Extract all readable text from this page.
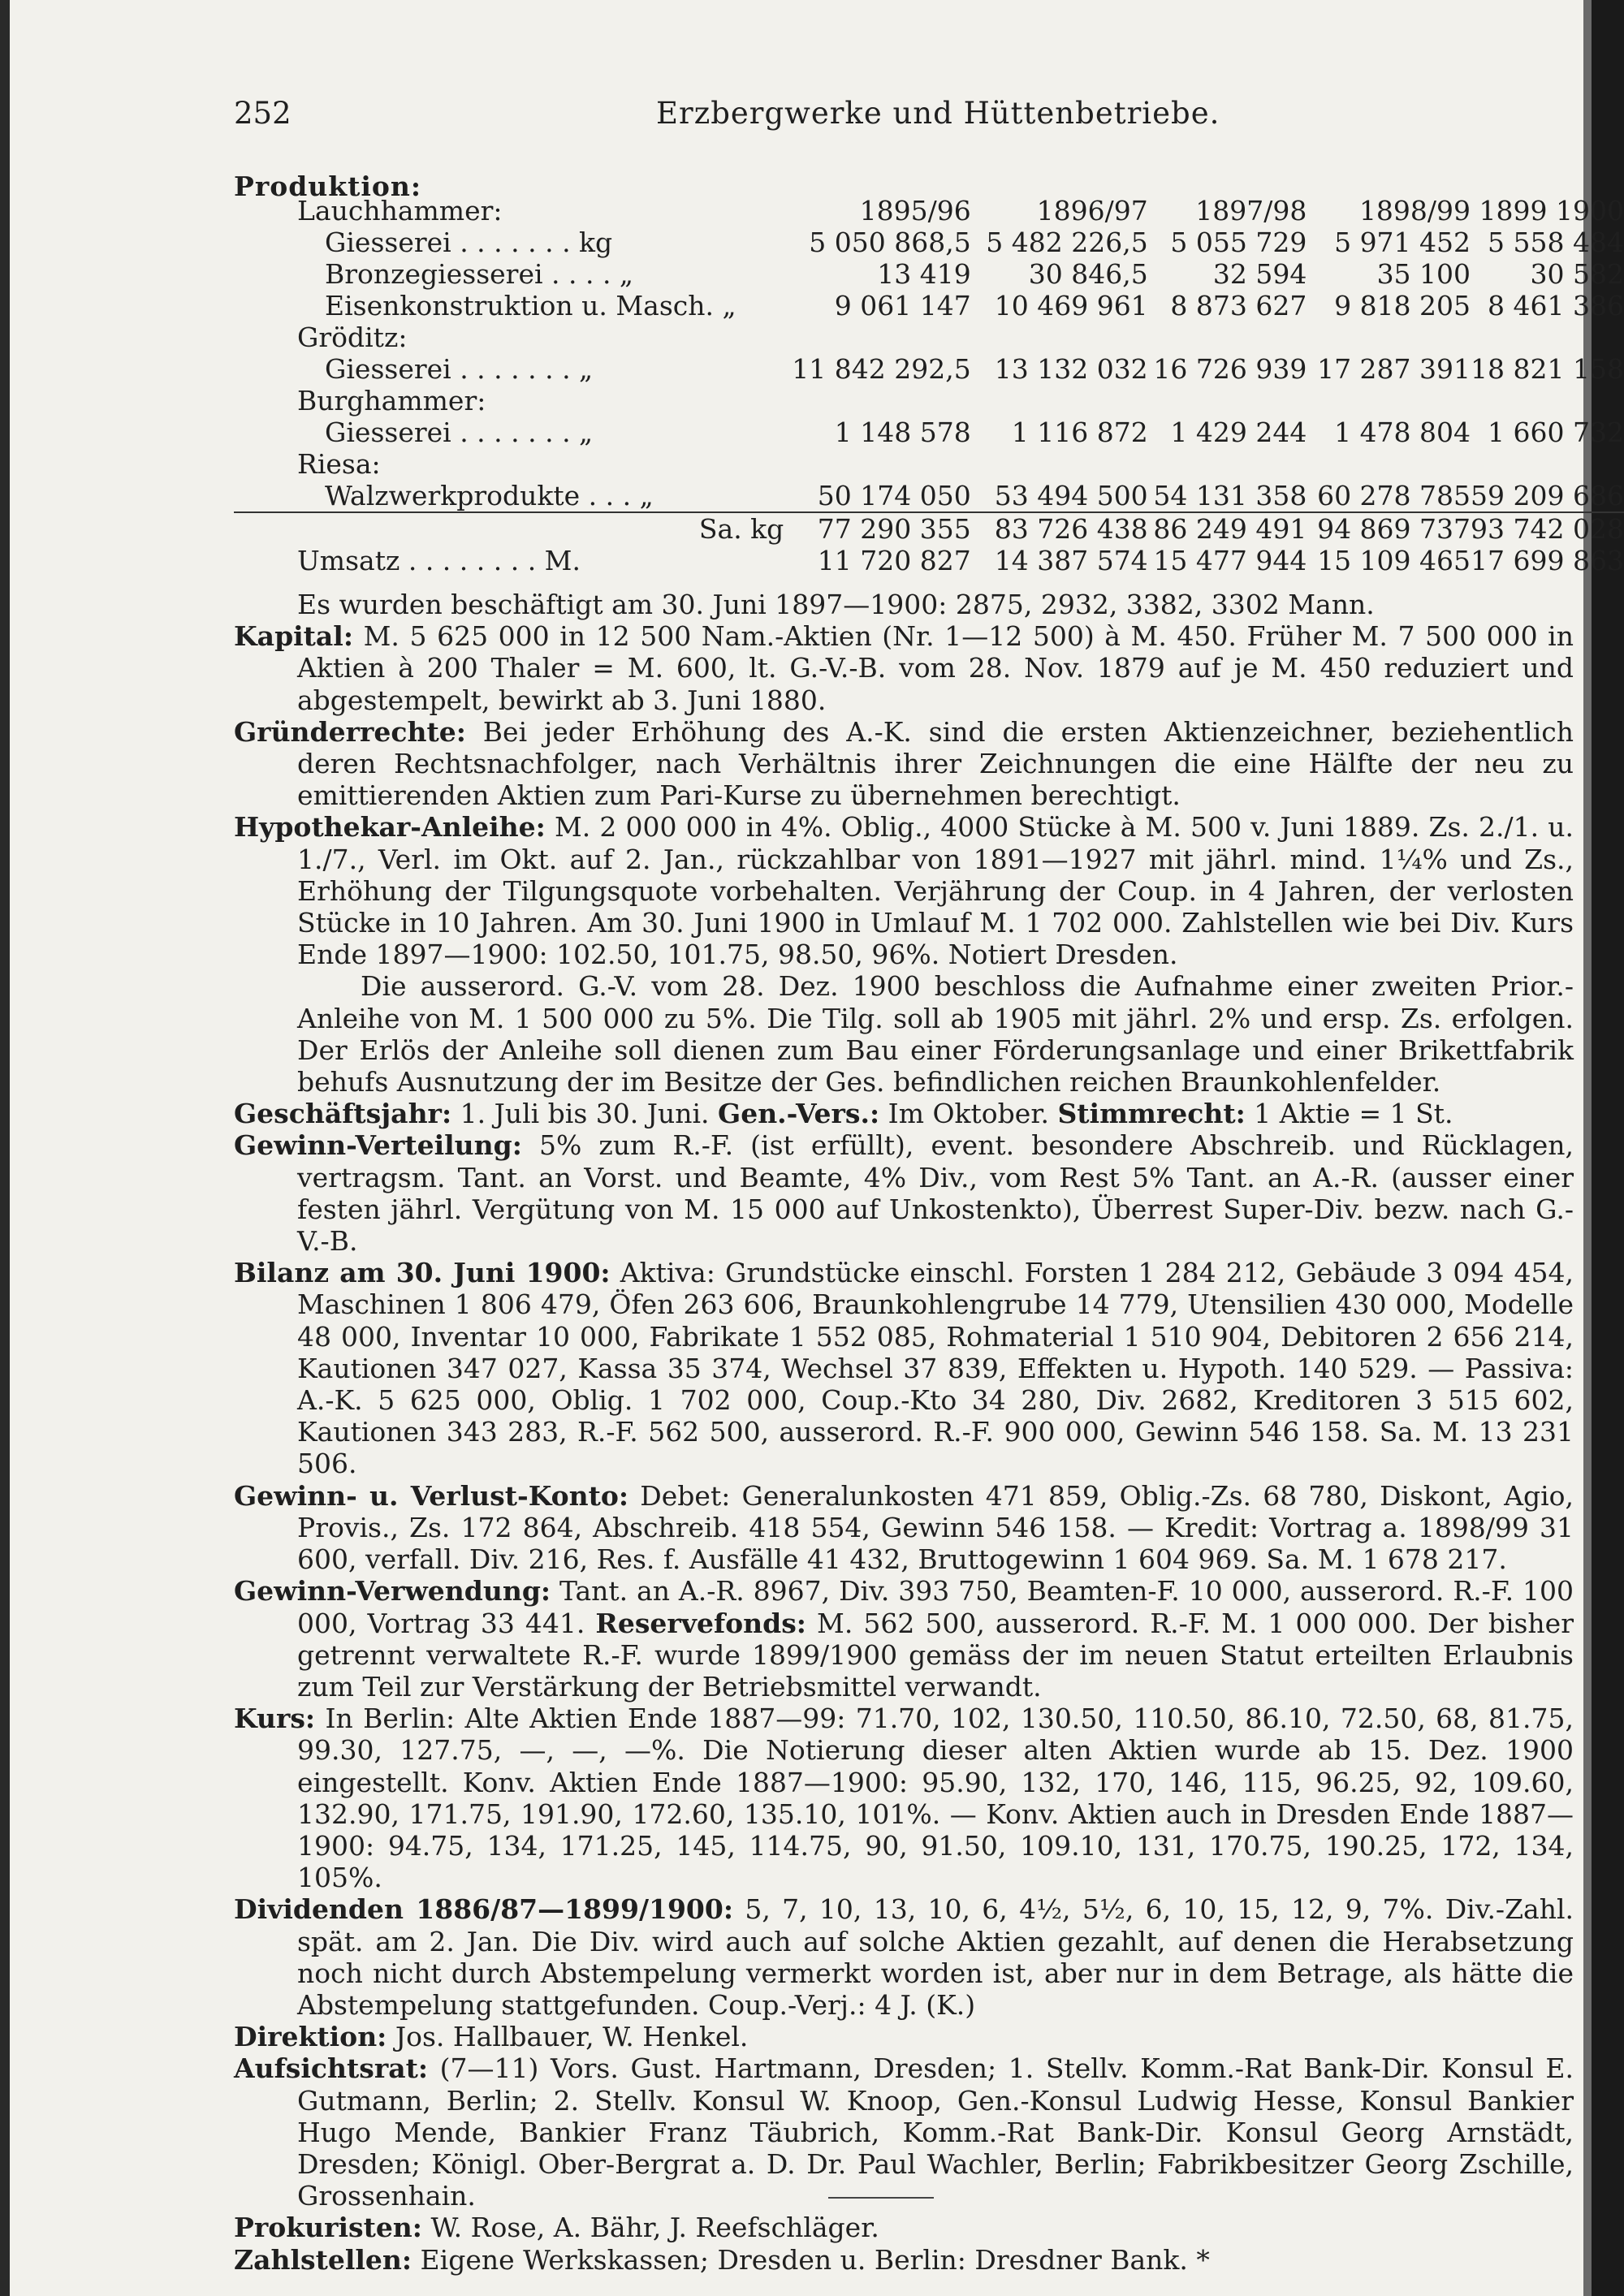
252	Erzbergwerke und Hüttenbetriebe.
Produktion:
Lauchhammer:	1895/96	1896/97	1897/98	1898/99	1899 1900
Giesserei . . . . . . . kg	5 050 868,5	5 482 226,5	5 055 729	5 971 452	5 558 484
Bronzegiesserei . . . . „	13 419	30 846,5	32 594	35 100	30 582
Eisenkonstruktion u. Masch. „	9 061 147	10 469 961	8 873 627	9 818 205	8 461 386
Gröditz:					
Giesserei . . . . . . . „	11 842 292,5	13 132 032	16 726 939	17 287 391	18 821 158
Burghammer:					
Giesserei . . . . . . . „	1 148 578	1 116 872	1 429 244	1 478 804	1 660 732
Riesa:					
Walzwerkprodukte . . . „	50 174 050	53 494 500	54 131 358	60 278 785	59 209 686
Sa. kg	77 290 355	83 726 438	86 249 491	94 869 737	93 742 028
Umsatz . . . . . . . . M.	11 720 827	14 387 574	15 477 944	15 109 465	17 699 863

Es wurden beschäftigt am 30. Juni 1897—1900: 2875, 2932, 3382, 3302 Mann.

Kapital: M. 5 625 000 in 12 500 Nam.-Aktien (Nr. 1—12 500) à M. 450. Früher M. 7 500 000 in Aktien à 200 Thaler = M. 600, lt. G.-V.-B. vom 28. Nov. 1879 auf je M. 450 reduziert und abgestempelt, bewirkt ab 3. Juni 1880.

Gründerrechte: Bei jeder Erhöhung des A.-K. sind die ersten Aktienzeichner, beziehentlich deren Rechtsnachfolger, nach Verhältnis ihrer Zeichnungen die eine Hälfte der neu zu emittierenden Aktien zum Pari-Kurse zu übernehmen berechtigt.

Hypothekar-Anleihe: M. 2 000 000 in 4%. Oblig., 4000 Stücke à M. 500 v. Juni 1889. Zs. 2./1. u. 1./7., Verl. im Okt. auf 2. Jan., rückzahlbar von 1891—1927 mit jährl. mind. 1¼% und Zs., Erhöhung der Tilgungsquote vorbehalten. Verjährung der Coup. in 4 Jahren, der verlosten Stücke in 10 Jahren. Am 30. Juni 1900 in Umlauf M. 1 702 000. Zahlstellen wie bei Div. Kurs Ende 1897—1900: 102.50, 101.75, 98.50, 96%. Notiert Dresden.

Die ausserord. G.-V. vom 28. Dez. 1900 beschloss die Aufnahme einer zweiten Prior.-Anleihe von M. 1 500 000 zu 5%. Die Tilg. soll ab 1905 mit jährl. 2% und ersp. Zs. erfolgen. Der Erlös der Anleihe soll dienen zum Bau einer Förderungsanlage und einer Brikettfabrik behufs Ausnutzung der im Besitze der Ges. befindlichen reichen Braunkohlenfelder.

Geschäftsjahr: 1. Juli bis 30. Juni. Gen.-Vers.: Im Oktober. Stimmrecht: 1 Aktie = 1 St.

Gewinn-Verteilung: 5% zum R.-F. (ist erfüllt), event. besondere Abschreib. und Rücklagen, vertragsm. Tant. an Vorst. und Beamte, 4% Div., vom Rest 5% Tant. an A.-R. (ausser einer festen jährl. Vergütung von M. 15 000 auf Unkostenkto), Überrest Super-Div. bezw. nach G.-V.-B.

Bilanz am 30. Juni 1900: Aktiva: Grundstücke einschl. Forsten 1 284 212, Gebäude 3 094 454, Maschinen 1 806 479, Öfen 263 606, Braunkohlengrube 14 779, Utensilien 430 000, Modelle 48 000, Inventar 10 000, Fabrikate 1 552 085, Rohmaterial 1 510 904, Debitoren 2 656 214, Kautionen 347 027, Kassa 35 374, Wechsel 37 839, Effekten u. Hypoth. 140 529. — Passiva: A.-K. 5 625 000, Oblig. 1 702 000, Coup.-Kto 34 280, Div. 2682, Kreditoren 3 515 602, Kautionen 343 283, R.-F. 562 500, ausserord. R.-F. 900 000, Gewinn 546 158. Sa. M. 13 231 506.

Gewinn- u. Verlust-Konto: Debet: Generalunkosten 471 859, Oblig.-Zs. 68 780, Diskont, Agio, Provis., Zs. 172 864, Abschreib. 418 554, Gewinn 546 158. — Kredit: Vortrag a. 1898/99 31 600, verfall. Div. 216, Res. f. Ausfälle 41 432, Bruttogewinn 1 604 969. Sa. M. 1 678 217.

Gewinn-Verwendung: Tant. an A.-R. 8967, Div. 393 750, Beamten-F. 10 000, ausserord. R.-F. 100 000, Vortrag 33 441. Reservefonds: M. 562 500, ausserord. R.-F. M. 1 000 000. Der bisher getrennt verwaltete R.-F. wurde 1899/1900 gemäss der im neuen Statut erteilten Erlaubnis zum Teil zur Verstärkung der Betriebsmittel verwandt.

Kurs: In Berlin: Alte Aktien Ende 1887—99: 71.70, 102, 130.50, 110.50, 86.10, 72.50, 68, 81.75, 99.30, 127.75, —, —, —%. Die Notierung dieser alten Aktien wurde ab 15. Dez. 1900 eingestellt. Konv. Aktien Ende 1887—1900: 95.90, 132, 170, 146, 115, 96.25, 92, 109.60, 132.90, 171.75, 191.90, 172.60, 135.10, 101%. — Konv. Aktien auch in Dresden Ende 1887—1900: 94.75, 134, 171.25, 145, 114.75, 90, 91.50, 109.10, 131, 170.75, 190.25, 172, 134, 105%.

Dividenden 1886/87—1899/1900: 5, 7, 10, 13, 10, 6, 4½, 5½, 6, 10, 15, 12, 9, 7%. Div.-Zahl. spät. am 2. Jan. Die Div. wird auch auf solche Aktien gezahlt, auf denen die Herabsetzung noch nicht durch Abstempelung vermerkt worden ist, aber nur in dem Betrage, als hätte die Abstempelung stattgefunden. Coup.-Verj.: 4 J. (K.)

Direktion: Jos. Hallbauer, W. Henkel.

Aufsichtsrat: (7—11) Vors. Gust. Hartmann, Dresden; 1. Stellv. Komm.-Rat Bank-Dir. Konsul E. Gutmann, Berlin; 2. Stellv. Konsul W. Knoop, Gen.-Konsul Ludwig Hesse, Konsul Bankier Hugo Mende, Bankier Franz Täubrich, Komm.-Rat Bank-Dir. Konsul Georg Arnstädt, Dresden; Königl. Ober-Bergrat a. D. Dr. Paul Wachler, Berlin; Fabrikbesitzer Georg Zschille, Grossenhain.

Prokuristen: W. Rose, A. Bähr, J. Reefschläger.

Zahlstellen: Eigene Werkskassen; Dresden u. Berlin: Dresdner Bank. *
